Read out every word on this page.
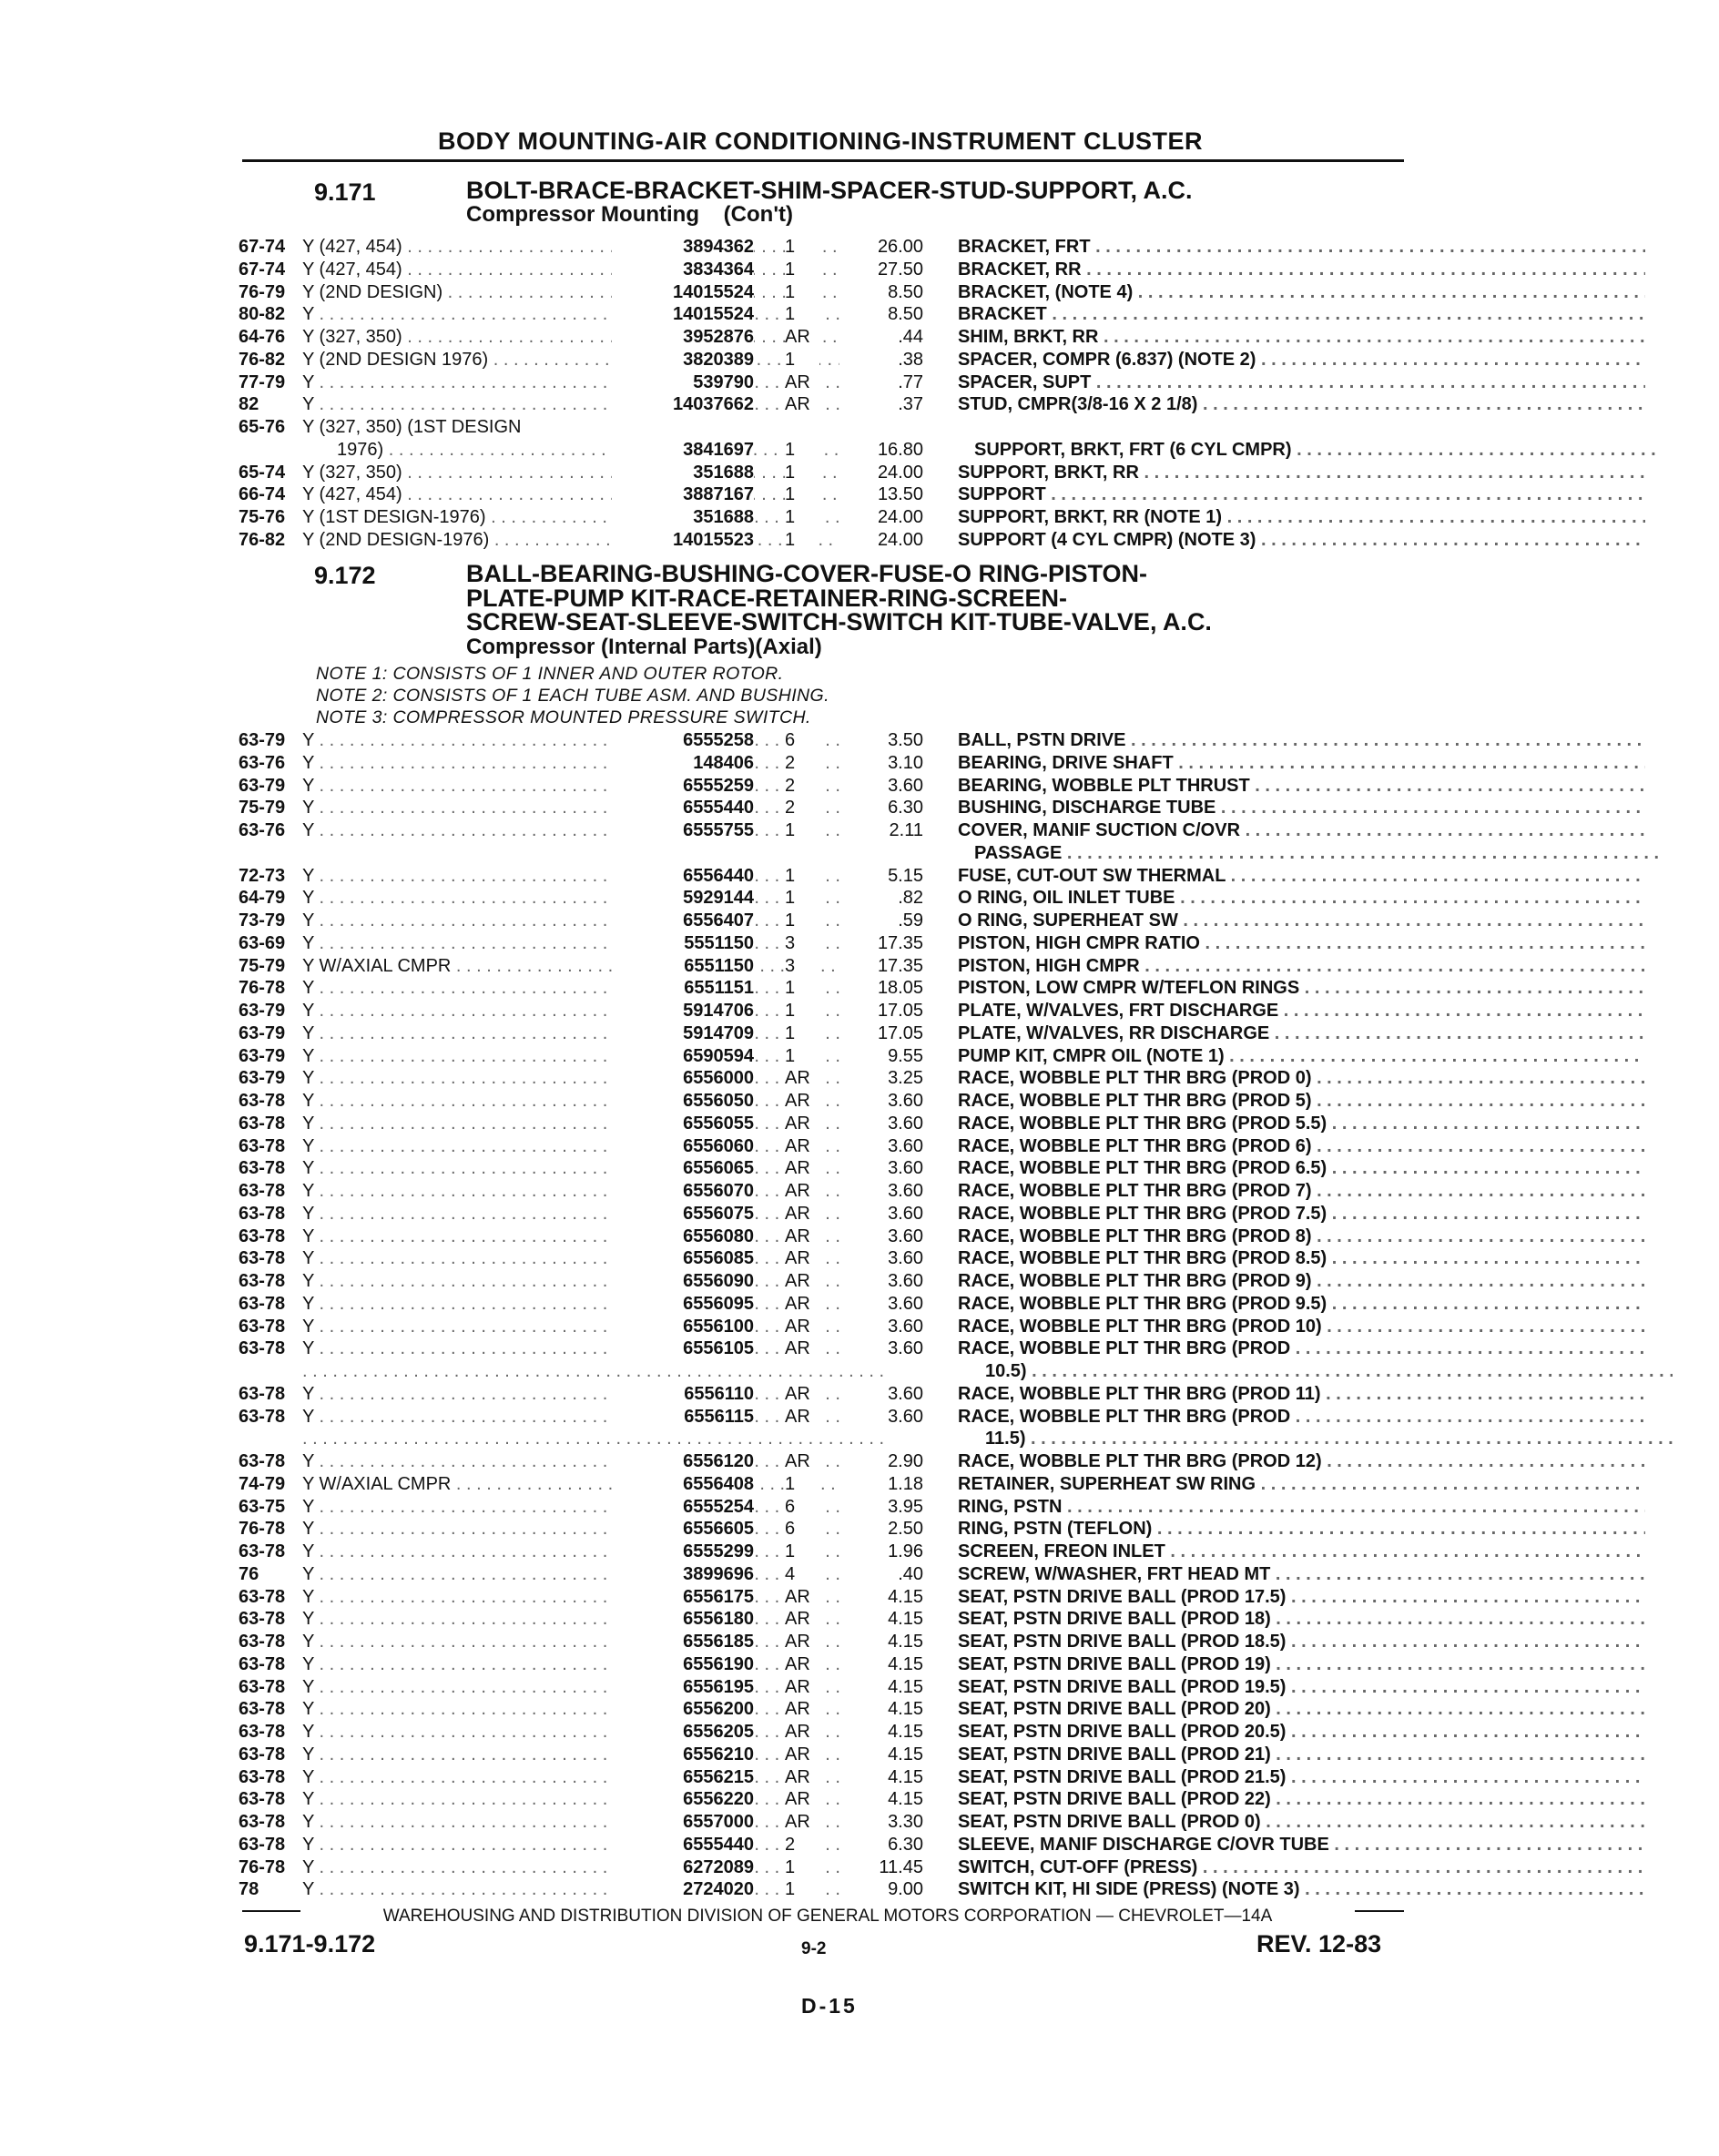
BODY MOUNTING-AIR CONDITIONING-INSTRUMENT CLUSTER
9.171	BOLT-BRACE-BRACKET-SHIM-SPACER-STUD-SUPPORT, A.C.
Compressor Mounting    (Con't)
67-74 Y (427, 454) . . .	3894362 1	26.00 BRACKET, FRT . . .
67-74 Y (427, 454) . . .	3834364 1	27.50 BRACKET, RR . . .
76-79 Y (2ND DESIGN) . . .	14015524 1	8.50 BRACKET, (NOTE 4) . . .
80-82 Y . . .	14015524 1	8.50 BRACKET . . .
64-76 Y (327, 350) . . .	3952876 AR	.44 SHIM, BRKT, RR . . .
76-82 Y (2ND DESIGN 1976) . . .	3820389 1	.38 SPACER, COMPR (6.837) (NOTE 2) . . .
77-79 Y . . .	539790 AR	.77 SPACER, SUPT . . .
82	Y . . .	14037662 AR	.37 STUD, CMPR(3/8-16 X 2 1/8) . . .
65-76 Y (327, 350) (1ST DESIGN
1976) . . .	3841697 1	16.80	SUPPORT, BRKT, FRT (6 CYL CMPR) . . .
65-74 Y (327, 350) . . .	351688 1	24.00 SUPPORT, BRKT, RR . . .
66-74 Y (427, 454) . . .	3887167 1	13.50 SUPPORT . . .
75-76 Y (1ST DESIGN-1976) . . .	351688 1	24.00 SUPPORT, BRKT, RR (NOTE 1) . . .
76-82 Y (2ND DESIGN-1976) . . .	14015523 1	24.00 SUPPORT (4 CYL CMPR) (NOTE 3) . . .
9.172	BALL-BEARING-BUSHING-COVER-FUSE-O RING-PISTON-
PLATE-PUMP KIT-RACE-RETAINER-RING-SCREEN-
SCREW-SEAT-SLEEVE-SWITCH-SWITCH KIT-TUBE-VALVE, A.C.
Compressor (Internal Parts)(Axial)
NOTE 1: CONSISTS OF 1 INNER AND OUTER ROTOR.
NOTE 2: CONSISTS OF 1 EACH TUBE ASM. AND BUSHING.
NOTE 3: COMPRESSOR MOUNTED PRESSURE SWITCH.
63-79 Y . . .	6555258 6	3.50 BALL, PSTN DRIVE . . .
63-76 Y . . .	148406 2	3.10 BEARING, DRIVE SHAFT . . .
63-79 Y . . .	6555259 2	3.60 BEARING, WOBBLE PLT THRUST . . .
75-79 Y . . .	6555440 2	6.30 BUSHING, DISCHARGE TUBE . . .
63-76 Y . . .	6555755 1	2.11 COVER, MANIF SUCTION C/OVR . . .
PASSAGE . . .
72-73 Y . . .	6556440 1	5.15 FUSE, CUT-OUT SW THERMAL . . .
64-79 Y . . .	5929144 1	.82 O RING, OIL INLET TUBE . . .
73-79 Y . . .	6556407 1	.59 O RING, SUPERHEAT SW . . .
63-69 Y . . .	5551150 3	17.35 PISTON, HIGH CMPR RATIO . . .
75-79 Y W/AXIAL CMPR . . .	6551150 3	17.35 PISTON, HIGH CMPR . . .
76-78 Y . . .	6551151 1	18.05 PISTON, LOW CMPR W/TEFLON RINGS . . .
63-79 Y . . .	5914706 1	17.05 PLATE, W/VALVES, FRT DISCHARGE . . .
63-79 Y . . .	5914709 1	17.05 PLATE, W/VALVES, RR DISCHARGE . . .
63-79 Y . . .	6590594 1	9.55 PUMP KIT, CMPR OIL (NOTE 1) . . .
63-79 Y . . .	6556000 AR	3.25 RACE, WOBBLE PLT THR BRG (PROD 0) . . .
63-78 Y . . .	6556050 AR	3.60 RACE, WOBBLE PLT THR BRG (PROD 5) . . .
63-78 Y . . .	6556055 AR	3.60 RACE, WOBBLE PLT THR BRG (PROD 5.5) . . .
63-78 Y . . .	6556060 AR	3.60 RACE, WOBBLE PLT THR BRG (PROD 6) . . .
63-78 Y . . .	6556065 AR	3.60 RACE, WOBBLE PLT THR BRG (PROD 6.5) . . .
63-78 Y . . .	6556070 AR	3.60 RACE, WOBBLE PLT THR BRG (PROD 7) . . .
63-78 Y . . .	6556075 AR	3.60 RACE, WOBBLE PLT THR BRG (PROD 7.5) . . .
63-78 Y . . .	6556080 AR	3.60 RACE, WOBBLE PLT THR BRG (PROD 8) . . .
63-78 Y . . .	6556085 AR	3.60 RACE, WOBBLE PLT THR BRG (PROD 8.5) . . .
63-78 Y . . .	6556090 AR	3.60 RACE, WOBBLE PLT THR BRG (PROD 9) . . .
63-78 Y . . .	6556095 AR	3.60 RACE, WOBBLE PLT THR BRG (PROD 9.5) . . .
63-78 Y . . .	6556100 AR	3.60 RACE, WOBBLE PLT THR BRG (PROD 10) . . .
63-78 Y . . .	6556105 AR	3.60 RACE, WOBBLE PLT THR BRG (PROD . . .
. . .
10.5) . . .
63-78 Y . . .	6556110 AR	3.60 RACE, WOBBLE PLT THR BRG (PROD 11) . . .
63-78 Y . . .	6556115 AR	3.60 RACE, WOBBLE PLT THR BRG (PROD . . .
. . .
11.5) . . .
63-78 Y . . .	6556120 AR	2.90 RACE, WOBBLE PLT THR BRG (PROD 12) . . .
74-79 Y W/AXIAL CMPR . . .	6556408 1	1.18 RETAINER, SUPERHEAT SW RING . . .
63-75 Y . . .	6555254 6	3.95 RING, PSTN . . .
76-78 Y . . .	6556605 6	2.50 RING, PSTN (TEFLON) . . .
63-78 Y . . .	6555299 1	1.96 SCREEN, FREON INLET . . .
76	Y . . .	3899696 4	.40 SCREW, W/WASHER, FRT HEAD MT . . .
63-78 Y . . .	6556175 AR	4.15 SEAT, PSTN DRIVE BALL (PROD 17.5) . . .
63-78 Y . . .	6556180 AR	4.15 SEAT, PSTN DRIVE BALL (PROD 18) . . .
63-78 Y . . .	6556185 AR	4.15 SEAT, PSTN DRIVE BALL (PROD 18.5) . . .
63-78 Y . . .	6556190 AR	4.15 SEAT, PSTN DRIVE BALL (PROD 19) . . .
63-78 Y . . .	6556195 AR	4.15 SEAT, PSTN DRIVE BALL (PROD 19.5) . . .
63-78 Y . . .	6556200 AR	4.15 SEAT, PSTN DRIVE BALL (PROD 20) . . .
63-78 Y . . .	6556205 AR	4.15 SEAT, PSTN DRIVE BALL (PROD 20.5) . . .
63-78 Y . . .	6556210 AR	4.15 SEAT, PSTN DRIVE BALL (PROD 21) . . .
63-78 Y . . .	6556215 AR	4.15 SEAT, PSTN DRIVE BALL (PROD 21.5) . . .
63-78 Y . . .	6556220 AR	4.15 SEAT, PSTN DRIVE BALL (PROD 22) . . .
63-78 Y . . .	6557000 AR	3.30 SEAT, PSTN DRIVE BALL (PROD 0) . . .
63-78 Y . . .	6555440 2	6.30 SLEEVE, MANIF DISCHARGE C/OVR TUBE . . .
76-78 Y . . .	6272089 1	11.45 SWITCH, CUT-OFF (PRESS) . . .
78	Y . . .	2724020 1	9.00 SWITCH KIT, HI SIDE (PRESS) (NOTE 3) . . .
WAREHOUSING AND DISTRIBUTION DIVISION OF GENERAL MOTORS CORPORATION — CHEVROLET—14A
9.171-9.172	9-2	REV. 12-83
D-15
